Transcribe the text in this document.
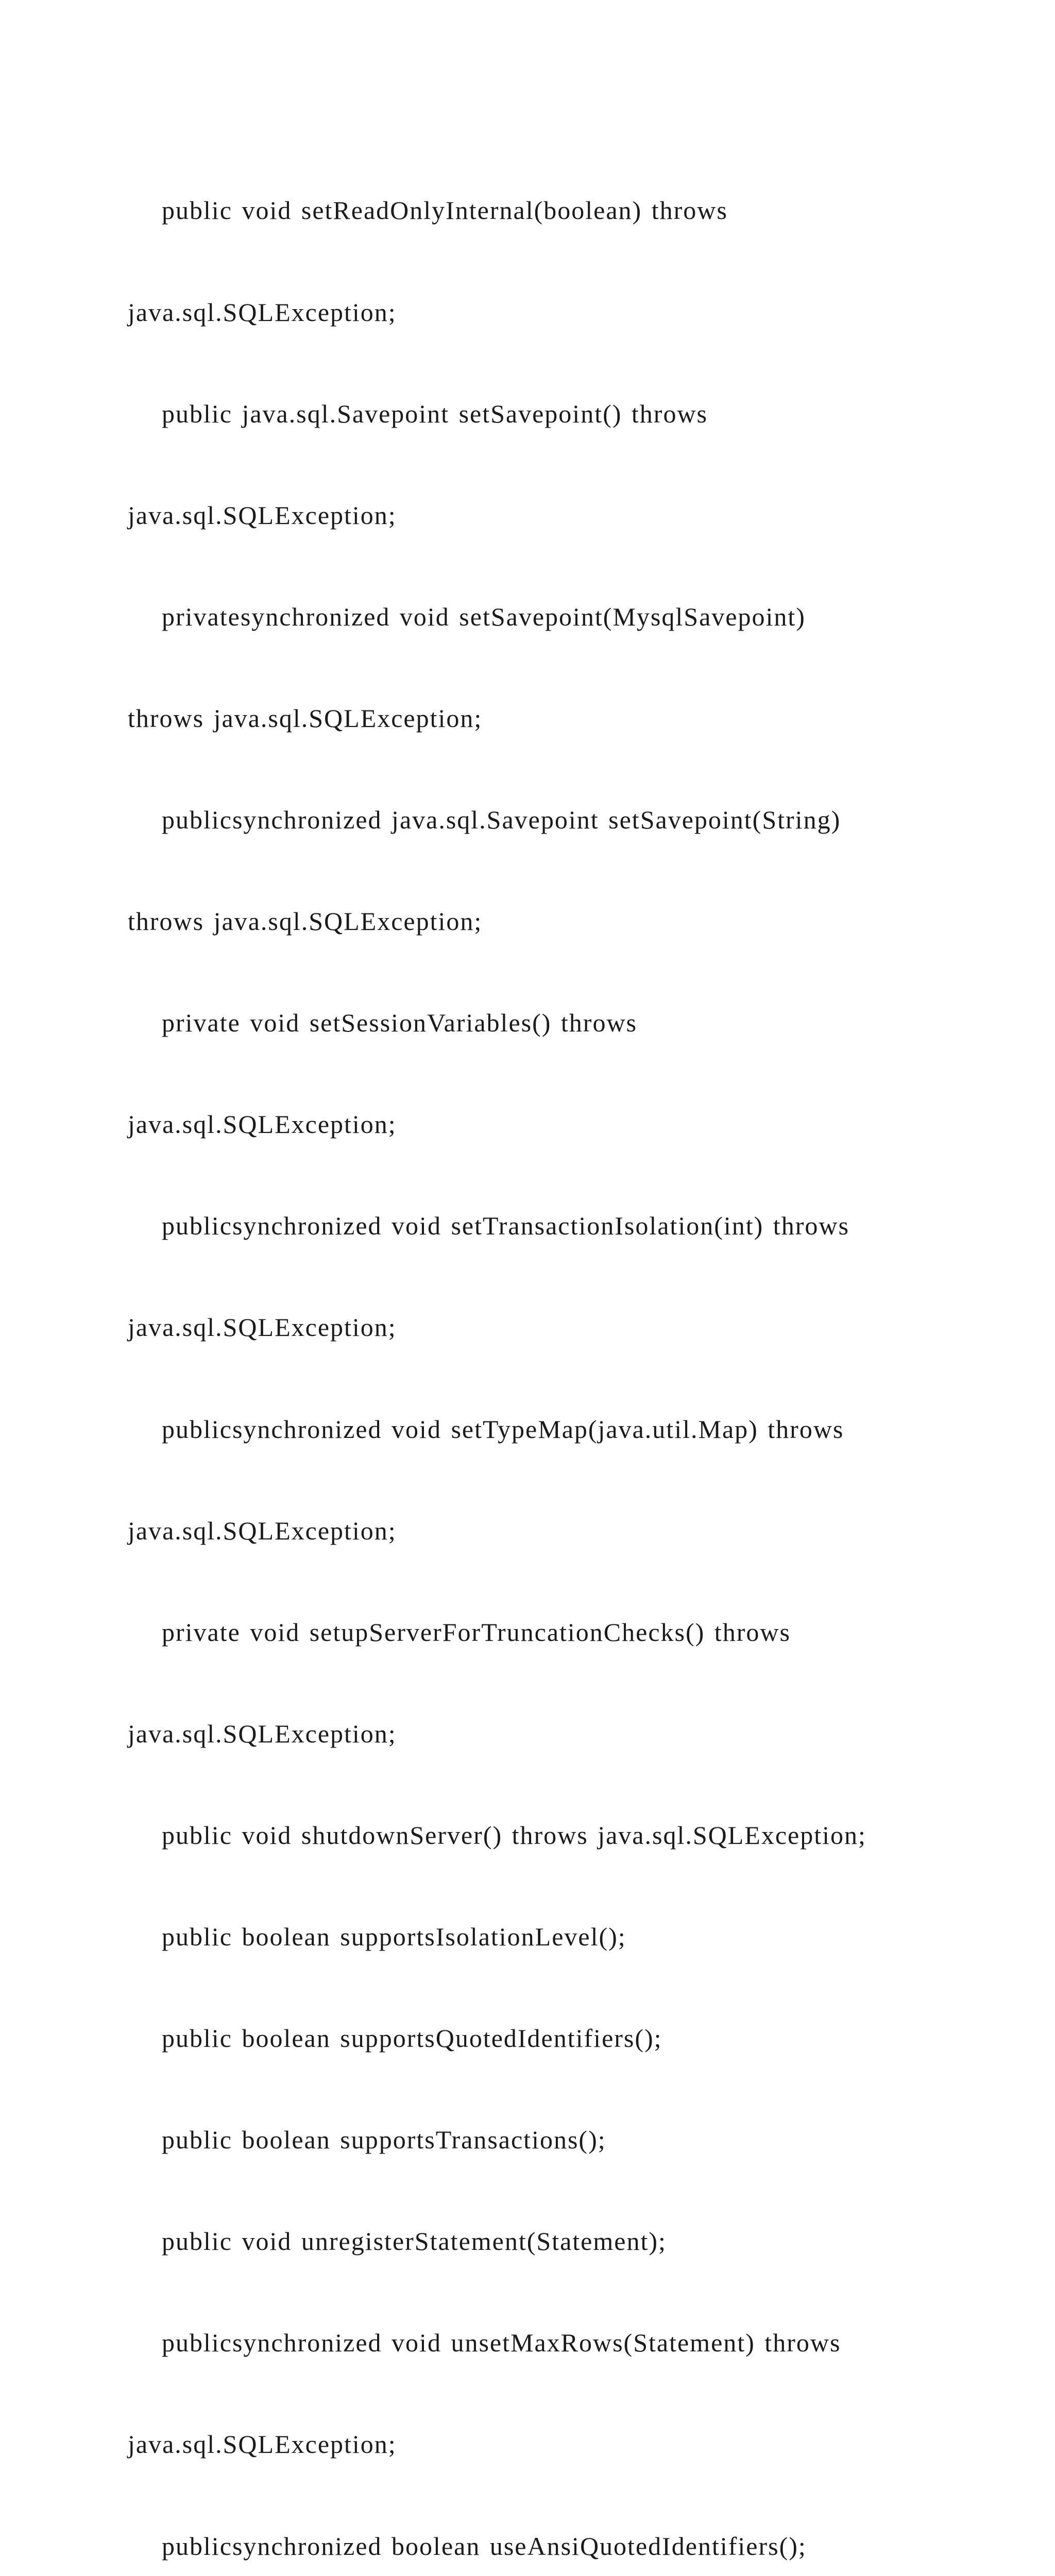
public void setReadOnlyInternal(boolean) throws

java.sql.SQLException;

public java.sql.Savepoint setSavepoint() throws

java.sql.SQLException;

privatesynchronized void setSavepoint(MysqlSavepoint)

throws java.sql.SQLException;

publicsynchronized java.sql.Savepoint setSavepoint(String)

throws java.sql.SQLException;

private void setSessionVariables() throws

java.sql.SQLException;

publicsynchronized void setTransactionIsolation(int) throws

java.sql.SQLException;

publicsynchronized void setTypeMap(java.util.Map) throws

java.sql.SQLException;

private void setupServerForTruncationChecks() throws

java.sql.SQLException;

public void shutdownServer() throws java.sql.SQLException;

public boolean supportsIsolationLevel();

public boolean supportsQuotedIdentifiers();

public boolean supportsTransactions();

public void unregisterStatement(Statement);

publicsynchronized void unsetMaxRows(Statement) throws

java.sql.SQLException;

publicsynchronized boolean useAnsiQuotedIdentifiers();
